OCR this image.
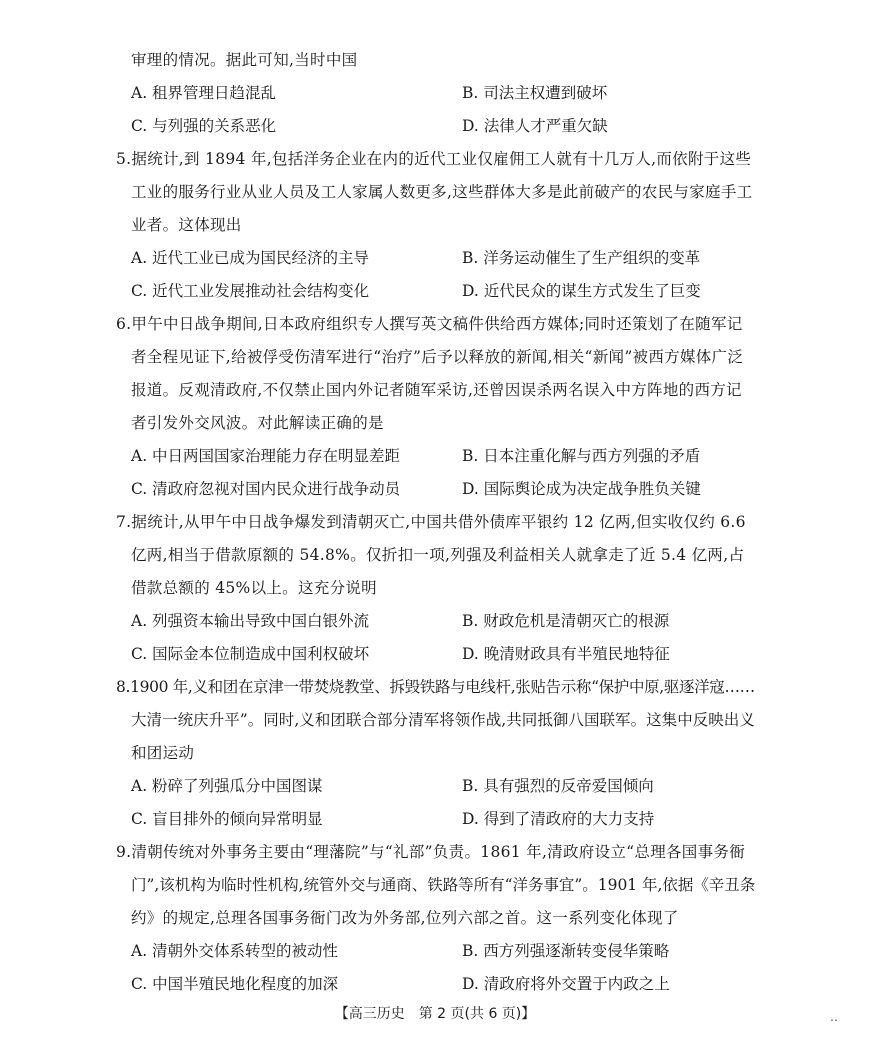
审理的情况。据此可知,当时中国
A. 租界管理日趋混乱	B. 司法主权遭到破坏
C. 与列强的关系恶化	D. 法律人才严重欠缺
5.据统计,到 1894 年,包括洋务企业在内的近代工业仅雇佣工人就有十几万人,而依附于这些
工业的服务行业从业人员及工人家属人数更多,这些群体大多是此前破产的农民与家庭手工
业者。这体现出
A. 近代工业已成为国民经济的主导	B. 洋务运动催生了生产组织的变革
C. 近代工业发展推动社会结构变化	D. 近代民众的谋生方式发生了巨变
6.甲午中日战争期间,日本政府组织专人撰写英文稿件供给西方媒体;同时还策划了在随军记
者全程见证下,给被俘受伤清军进行“治疗”后予以释放的新闻,相关“新闻”被西方媒体广泛
报道。反观清政府,不仅禁止国内外记者随军采访,还曾因误杀两名误入中方阵地的西方记
者引发外交风波。对此解读正确的是
A. 中日两国国家治理能力存在明显差距	B. 日本注重化解与西方列强的矛盾
C. 清政府忽视对国内民众进行战争动员	D. 国际舆论成为决定战争胜负关键
7.据统计,从甲午中日战争爆发到清朝灭亡,中国共借外债库平银约 12 亿两,但实收仅约 6.6
亿两,相当于借款原额的 54.8%。仅折扣一项,列强及利益相关人就拿走了近 5.4 亿两,占
借款总额的 45%以上。这充分说明
A. 列强资本输出导致中国白银外流	B. 财政危机是清朝灭亡的根源
C. 国际金本位制造成中国利权破坏	D. 晚清财政具有半殖民地特征
8.1900 年,义和团在京津一带焚烧教堂、拆毁铁路与电线杆,张贴告示称“保护中原,驱逐洋寇……
大清一统庆升平”。同时,义和团联合部分清军将领作战,共同抵御八国联军。这集中反映出义
和团运动
A. 粉碎了列强瓜分中国图谋	B. 具有强烈的反帝爱国倾向
C. 盲目排外的倾向异常明显	D. 得到了清政府的大力支持
9.清朝传统对外事务主要由“理藩院”与“礼部”负责。1861 年,清政府设立“总理各国事务衙
门”,该机构为临时性机构,统管外交与通商、铁路等所有“洋务事宜”。1901 年,依据《辛丑条
约》的规定,总理各国事务衙门改为外务部,位列六部之首。这一系列变化体现了
A. 清朝外交体系转型的被动性	B. 西方列强逐渐转变侵华策略
C. 中国半殖民地化程度的加深	D. 清政府将外交置于内政之上
【高三历史　第 2 页(共 6 页)】	‥
